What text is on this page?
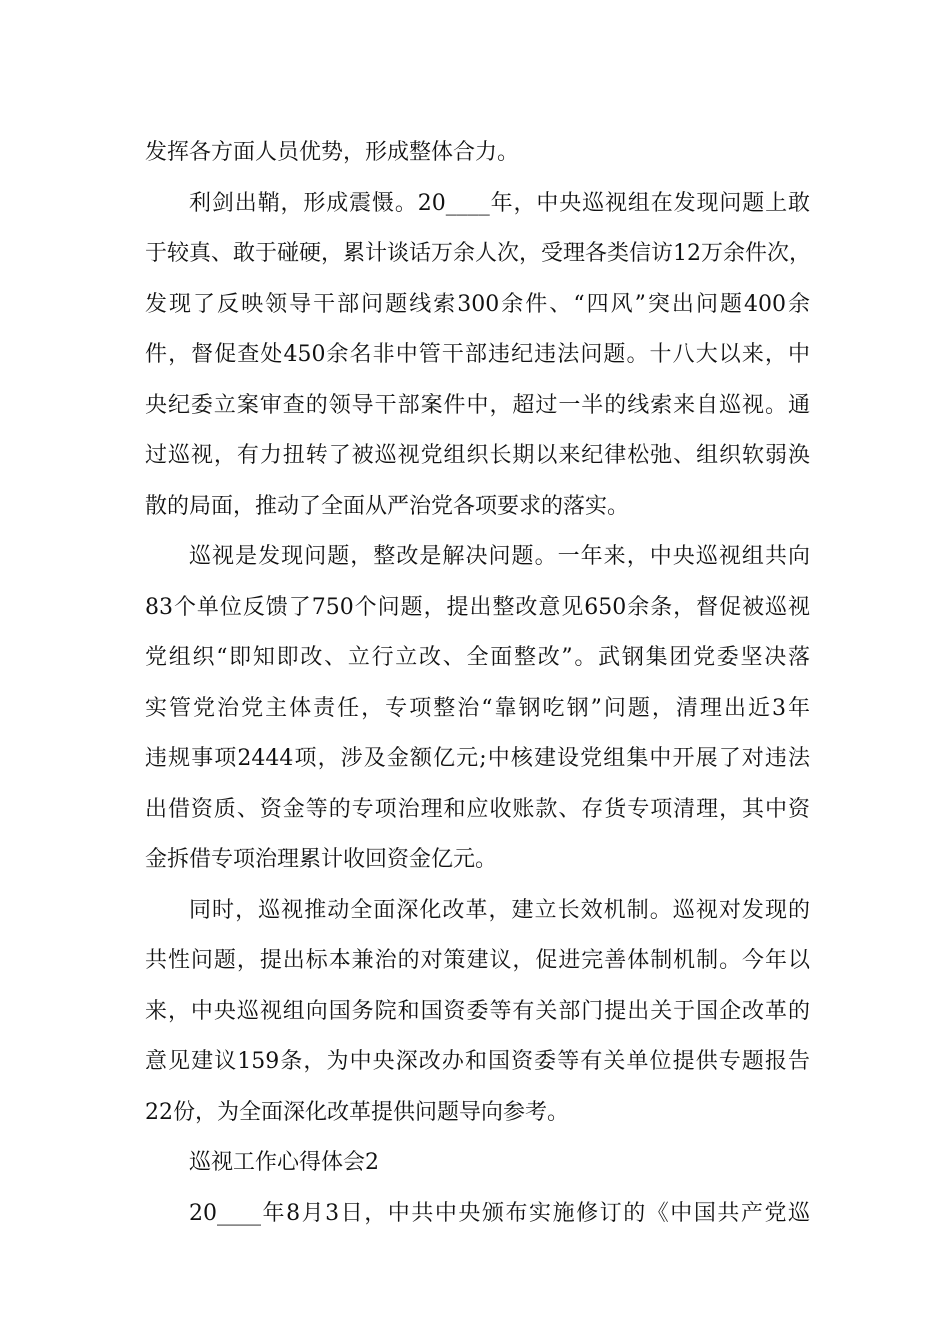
发挥各方面人员优势，形成整体合力。
利剑出鞘，形成震慑。20____年，中央巡视组在发现问题上敢
于较真、敢于碰硬，累计谈话万余人次，受理各类信访12万余件次，
发现了反映领导干部问题线索300余件、“四风”突出问题400余
件，督促查处450余名非中管干部违纪违法问题。十八大以来，中
央纪委立案审查的领导干部案件中，超过一半的线索来自巡视。通
过巡视，有力扭转了被巡视党组织长期以来纪律松弛、组织软弱涣
散的局面，推动了全面从严治党各项要求的落实。
巡视是发现问题，整改是解决问题。一年来，中央巡视组共向
83个单位反馈了750个问题，提出整改意见650余条，督促被巡视
党组织“即知即改、立行立改、全面整改”。武钢集团党委坚决落
实管党治党主体责任，专项整治“靠钢吃钢”问题，清理出近3年
违规事项2444项，涉及金额亿元;中核建设党组集中开展了对违法
出借资质、资金等的专项治理和应收账款、存货专项清理，其中资
金拆借专项治理累计收回资金亿元。
同时，巡视推动全面深化改革，建立长效机制。巡视对发现的
共性问题，提出标本兼治的对策建议，促进完善体制机制。今年以
来，中央巡视组向国务院和国资委等有关部门提出关于国企改革的
意见建议159条，为中央深改办和国资委等有关单位提供专题报告
22份，为全面深化改革提供问题导向参考。
巡视工作心得体会2
20____年8月3日，中共中央颁布实施修订的《中国共产党巡
